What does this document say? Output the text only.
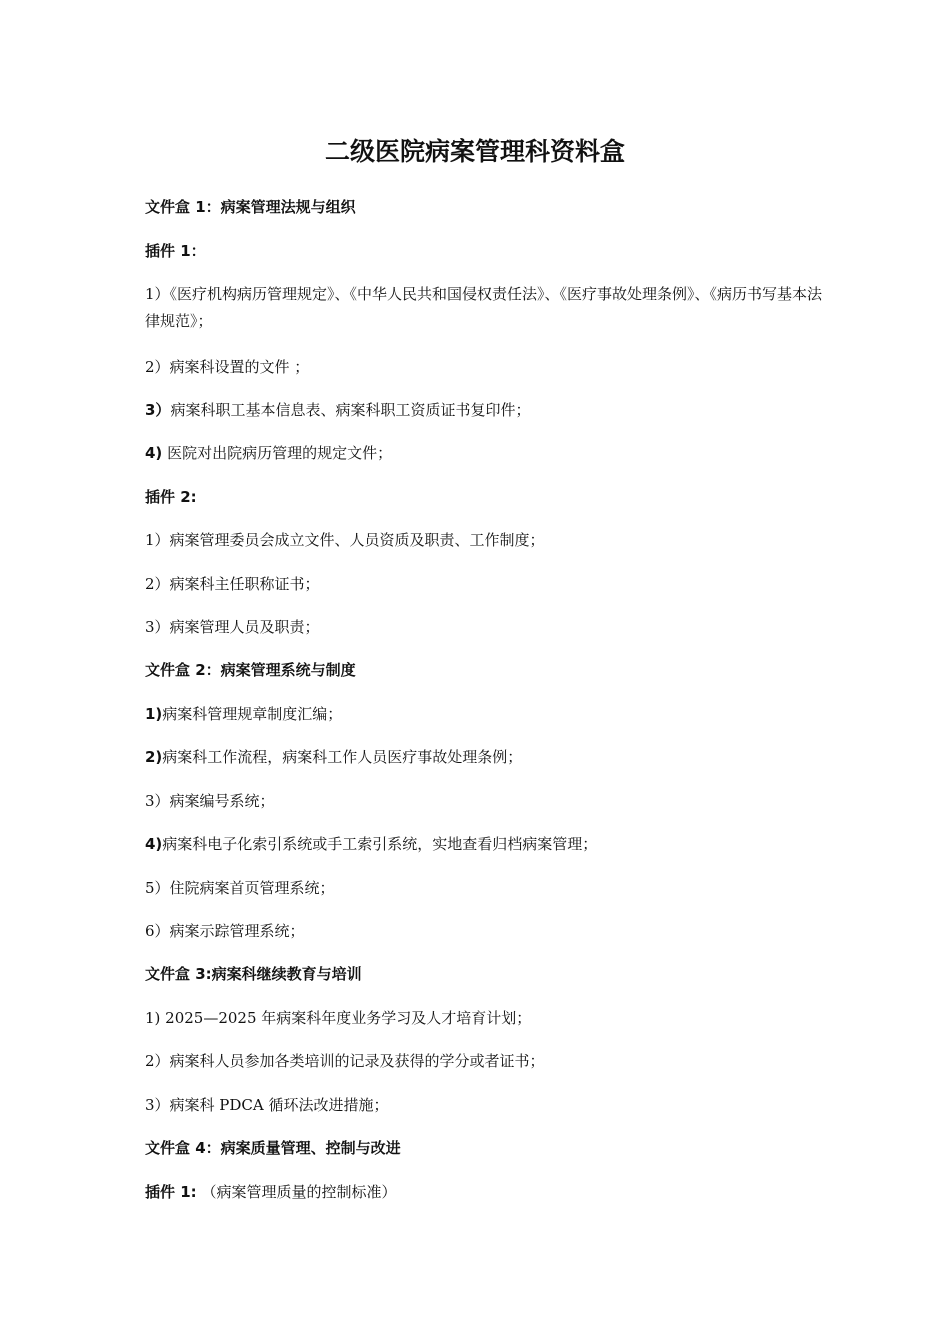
二级医院病案管理科资料盒
文件盒 1：病案管理法规与组织
插件 1：
1）《医疗机构病历管理规定》、《中华人民共和国侵权责任法》、《医疗事故处理条例》、《病历书写基本法律规范》；
2）病案科设置的文件 ；
3）病案科职工基本信息表、病案科职工资质证书复印件；
4) 医院对出院病历管理的规定文件；
插件 2:
1）病案管理委员会成立文件、人员资质及职责、工作制度；
2）病案科主任职称证书；
3）病案管理人员及职责；
文件盒 2：病案管理系统与制度
1)病案科管理规章制度汇编；
2)病案科工作流程，病案科工作人员医疗事故处理条例；
3）病案编号系统；
4)病案科电子化索引系统或手工索引系统，实地查看归档病案管理；
5）住院病案首页管理系统；
6）病案示踪管理系统；
文件盒 3:病案科继续教育与培训
1) 2025—2025 年病案科年度业务学习及人才培育计划；
2）病案科人员参加各类培训的记录及获得的学分或者证书；
3）病案科 PDCA 循环法改进措施；
文件盒 4：病案质量管理、控制与改进
插件 1: （病案管理质量的控制标准）
